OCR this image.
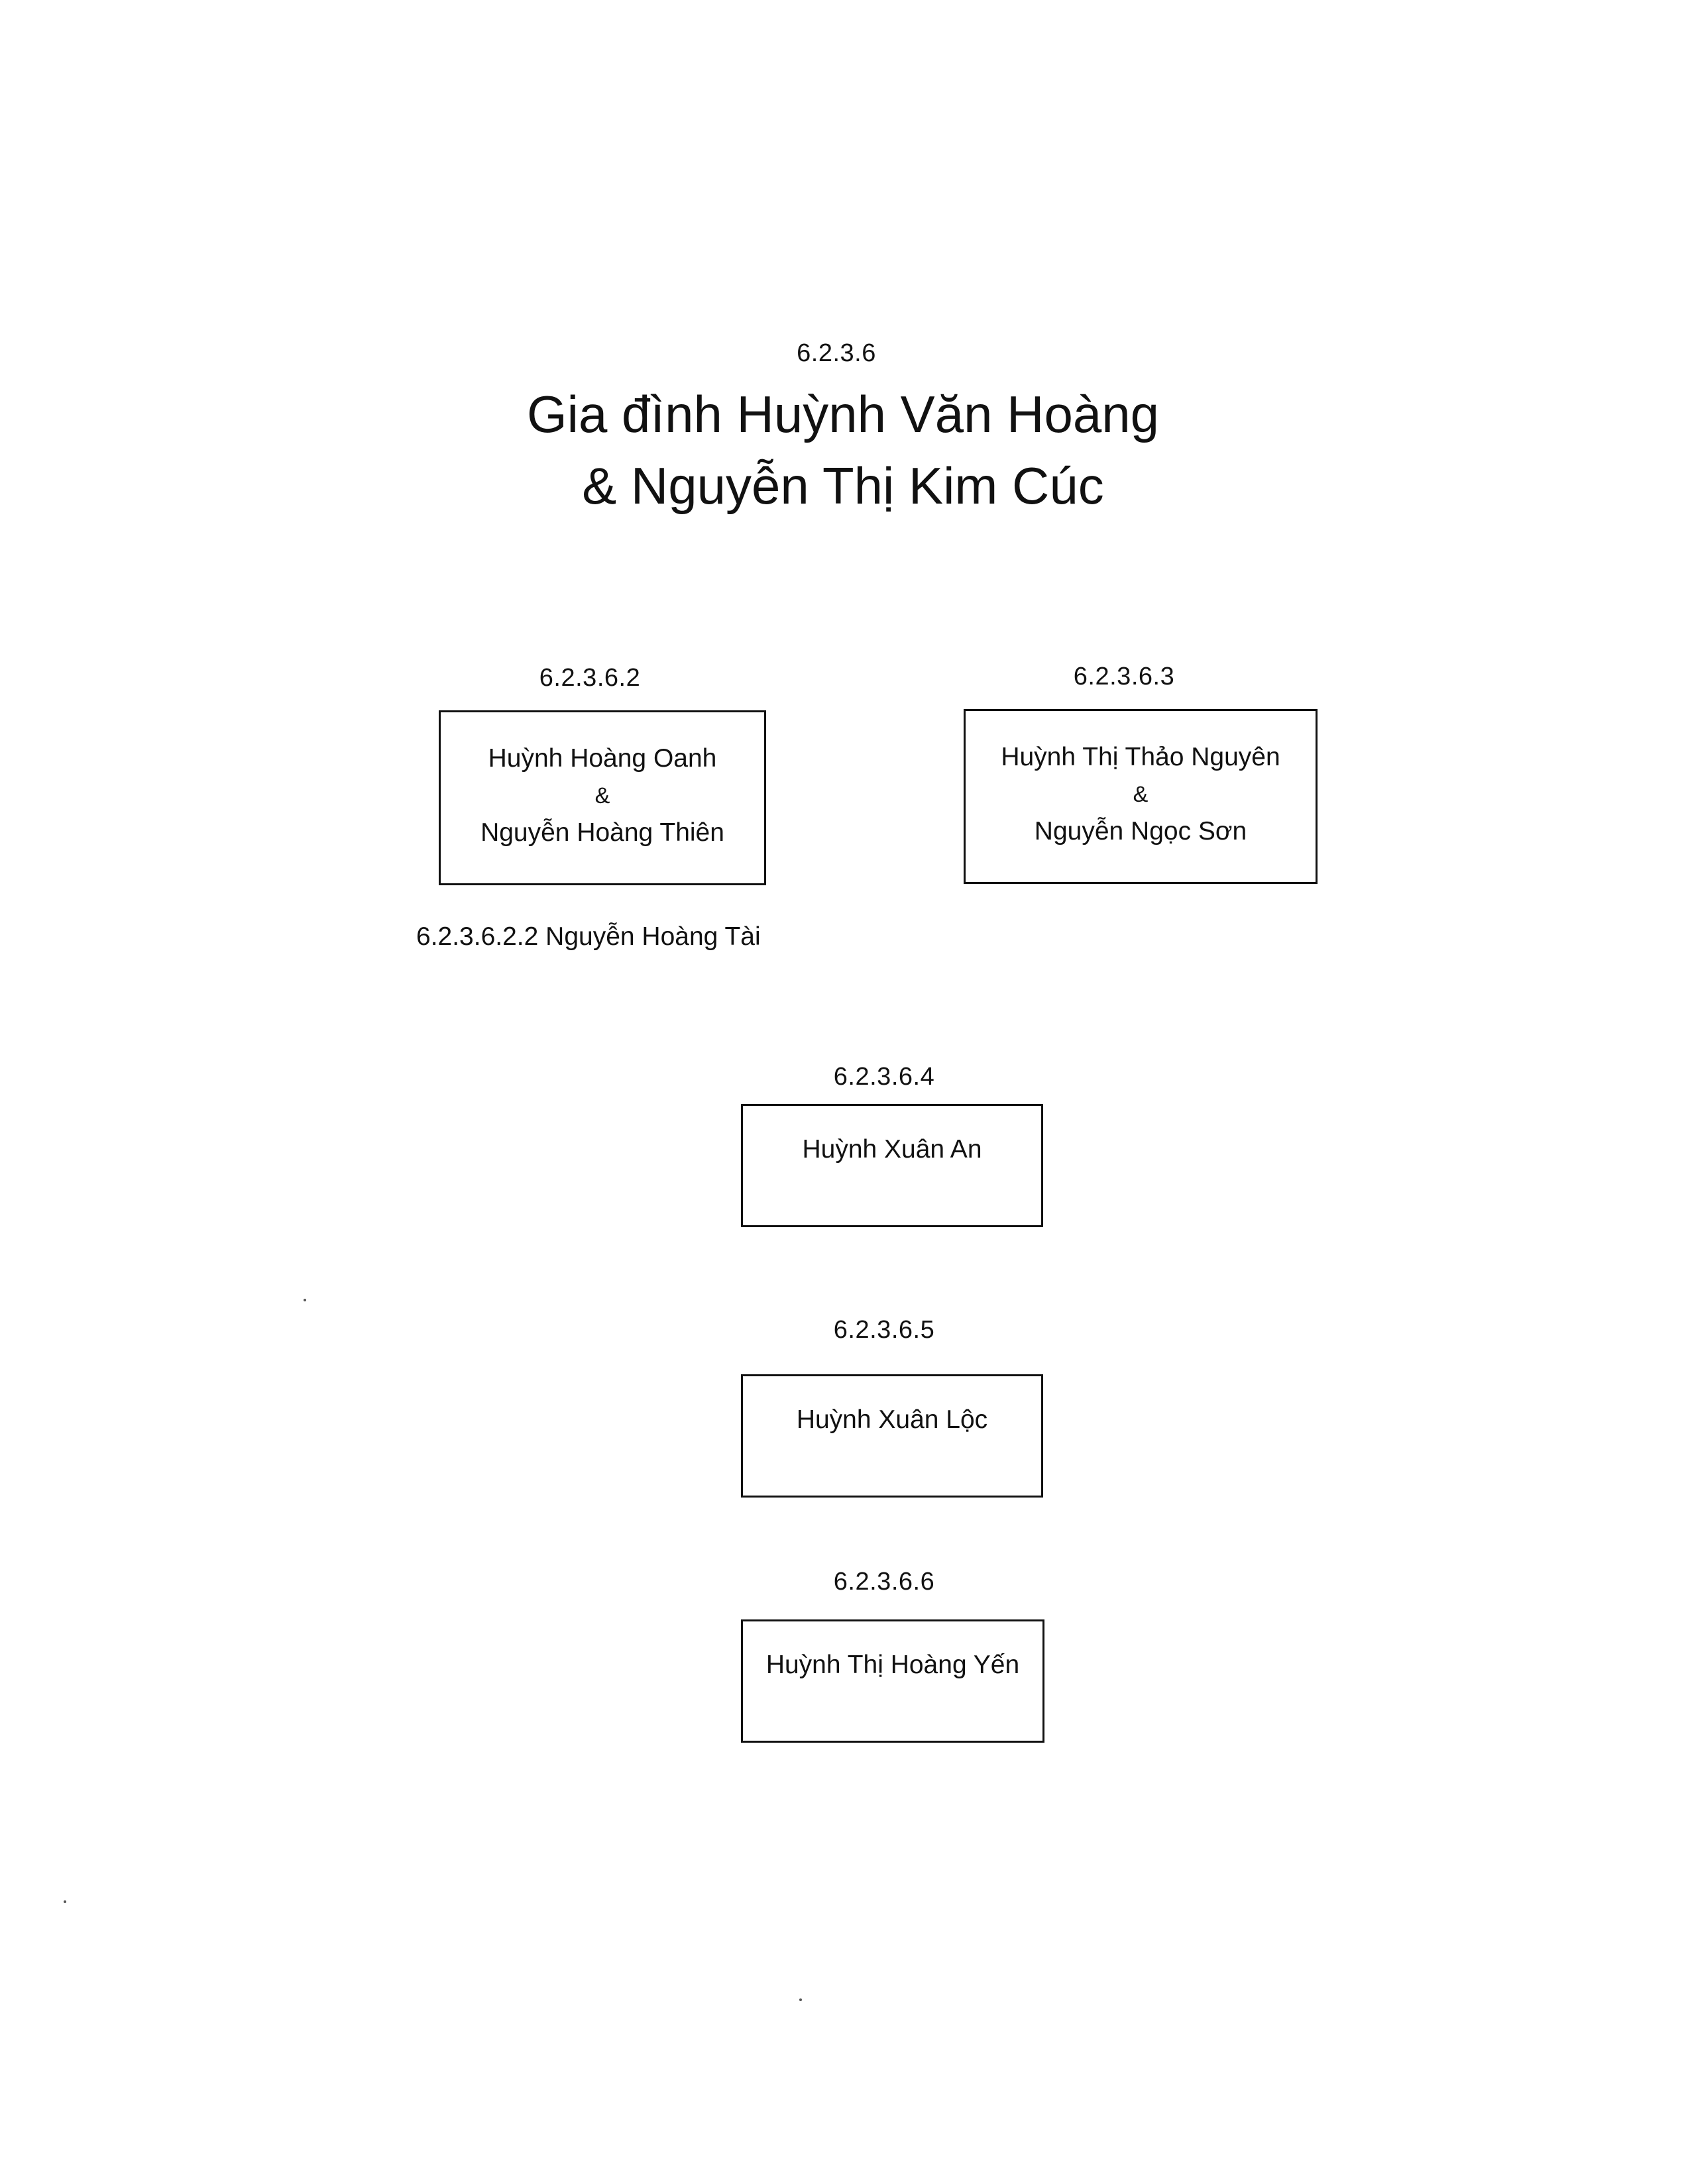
6.2.3.6
Gia đình Huỳnh Văn Hoàng
& Nguyễn Thị Kim Cúc
6.2.3.6.2
Huỳnh Hoàng Oanh
&
Nguyễn Hoàng Thiên
6.2.3.6.2.2 Nguyễn Hoàng Tài
6.2.3.6.3
Huỳnh Thị Thảo Nguyên
&
Nguyễn Ngọc Sơn
6.2.3.6.4
Huỳnh Xuân An
6.2.3.6.5
Huỳnh Xuân Lộc
6.2.3.6.6
Huỳnh Thị Hoàng Yến
